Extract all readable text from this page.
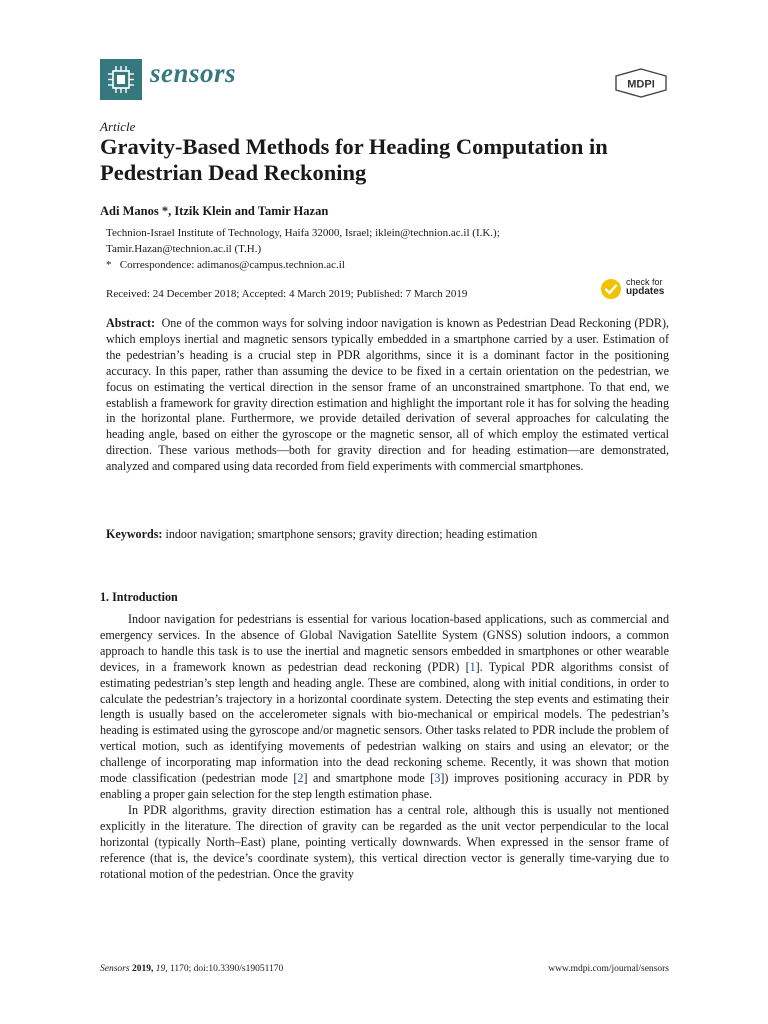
sensors	MDPI
Article
Gravity-Based Methods for Heading Computation in Pedestrian Dead Reckoning
Adi Manos *, Itzik Klein and Tamir Hazan
Technion-Israel Institute of Technology, Haifa 32000, Israel; iklein@technion.ac.il (I.K.);
Tamir.Hazan@technion.ac.il (T.H.)
* Correspondence: adimanos@campus.technion.ac.il
Received: 24 December 2018; Accepted: 4 March 2019; Published: 7 March 2019
check for
updates
Abstract: One of the common ways for solving indoor navigation is known as Pedestrian Dead Reckoning (PDR), which employs inertial and magnetic sensors typically embedded in a smartphone carried by a user. Estimation of the pedestrian’s heading is a crucial step in PDR algorithms, since it is a dominant factor in the positioning accuracy. In this paper, rather than assuming the device to be fixed in a certain orientation on the pedestrian, we focus on estimating the vertical direction in the sensor frame of an unconstrained smartphone. To that end, we establish a framework for gravity direction estimation and highlight the important role it has for solving the heading in the horizontal plane. Furthermore, we provide detailed derivation of several approaches for calculating the heading angle, based on either the gyroscope or the magnetic sensor, all of which employ the estimated vertical direction. These various methods—both for gravity direction and for heading estimation—are demonstrated, analyzed and compared using data recorded from field experiments with commercial smartphones.
Keywords: indoor navigation; smartphone sensors; gravity direction; heading estimation
1. Introduction

Indoor navigation for pedestrians is essential for various location-based applications, such as commercial and emergency services. In the absence of Global Navigation Satellite System (GNSS) solution indoors, a common approach to handle this task is to use the inertial and magnetic sensors embedded in smartphones or other wearable devices, in a framework known as pedestrian dead reckoning (PDR) [1]. Typical PDR algorithms consist of estimating pedestrian’s step length and heading angle. These are combined, along with initial conditions, in order to calculate the pedestrian’s trajectory in a horizontal coordinate system. Detecting the step events and estimating their length is usually based on the accelerometer signals with bio-mechanical or empirical models. The pedestrian’s heading is estimated using the gyroscope and/or magnetic sensors. Other tasks related to PDR include the problem of vertical motion, such as identifying movements of pedestrian walking on stairs and using an elevator; or the challenge of incorporating map information into the dead reckoning scheme. Recently, it was shown that motion mode classification (pedestrian mode [2] and smartphone mode [3]) improves positioning accuracy in PDR by enabling a proper gain selection for the step length estimation phase.

In PDR algorithms, gravity direction estimation has a central role, although this is usually not mentioned explicitly in the literature. The direction of gravity can be regarded as the unit vector perpendicular to the local horizontal (typically North–East) plane, pointing vertically downwards. When expressed in the sensor frame of reference (that is, the device’s coordinate system), this vertical direction vector is generally time-varying due to rotational motion of the pedestrian. Once the gravity

Sensors 2019, 19, 1170; doi:10.3390/s19051170	www.mdpi.com/journal/sensors
